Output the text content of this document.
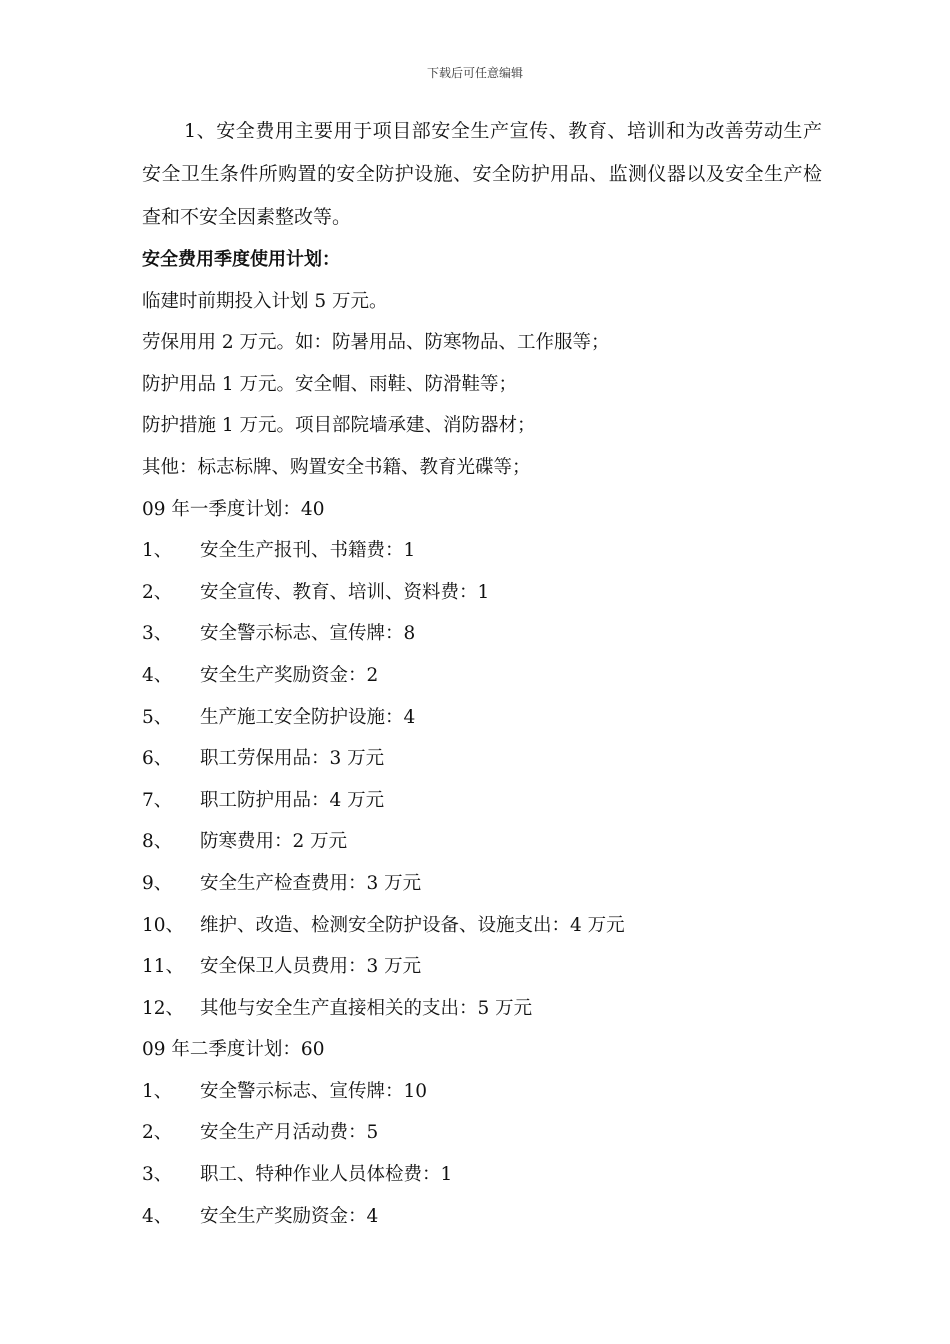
下载后可任意编辑

1、安全费用主要用于项目部安全生产宣传、教育、培训和为改善劳动生产安全卫生条件所购置的安全防护设施、安全防护用品、监测仪器以及安全生产检查和不安全因素整改等。

安全费用季度使用计划：

临建时前期投入计划 5 万元。

劳保用用 2 万元。如：防暑用品、防寒物品、工作服等；

防护用品 1 万元。安全帽、雨鞋、防滑鞋等；

防护措施 1 万元。项目部院墙承建、消防器材；

其他：标志标牌、购置安全书籍、教育光碟等；

09 年一季度计划：40

1、	安全生产报刊、书籍费：1
2、	安全宣传、教育、培训、资料费：1
3、	安全警示标志、宣传牌：8
4、	安全生产奖励资金：2
5、	生产施工安全防护设施：4
6、	职工劳保用品：3 万元
7、	职工防护用品：4 万元
8、	防寒费用：2 万元
9、	安全生产检查费用：3 万元
10、 维护、改造、检测安全防护设备、设施支出：4 万元
11、 安全保卫人员费用：3 万元
12、 其他与安全生产直接相关的支出：5 万元

09 年二季度计划：60

1、	安全警示标志、宣传牌：10
2、	安全生产月活动费：5
3、	职工、特种作业人员体检费：1
4、	安全生产奖励资金：4
